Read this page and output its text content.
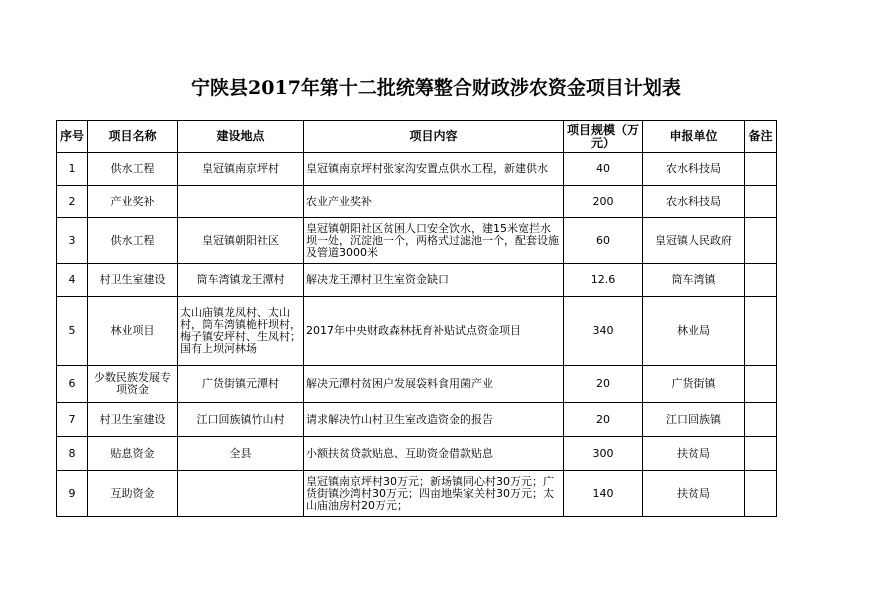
宁陕县2017年第十二批统筹整合财政涉农资金项目计划表
序号	项目名称	建设地点	项目内容	项目规模（万元）	申报单位	备注
1	供水工程	皇冠镇南京坪村	皇冠镇南京坪村张家沟安置点供水工程，新建供水	40	农水科技局	
2	产业奖补		农业产业奖补	200	农水科技局	
3	供水工程	皇冠镇朝阳社区	皇冠镇朝阳社区贫困人口安全饮水，建15米宽拦水坝一处，沉淀池一个，两格式过滤池一个，配套设施及管道3000米	60	皇冠镇人民政府	
4	村卫生室建设	筒车湾镇龙王潭村	解决龙王潭村卫生室资金缺口	12.6	筒车湾镇	
5	林业项目	太山庙镇龙凤村、太山村，筒车湾镇桅杆坝村，梅子镇安坪村、生凤村；国有上坝河林场	2017年中央财政森林抚育补贴试点资金项目	340	林业局	
6	少数民族发展专项资金	广货街镇元潭村	解决元潭村贫困户发展袋料食用菌产业	20	广货街镇	
7	村卫生室建设	江口回族镇竹山村	请求解决竹山村卫生室改造资金的报告	20	江口回族镇	
8	贴息资金	全县	小额扶贫贷款贴息、互助资金借款贴息	300	扶贫局	
9	互助资金		皇冠镇南京坪村30万元；新场镇同心村30万元；广货街镇沙湾村30万元；四亩地柴家关村30万元；太山庙油房村20万元；	140	扶贫局	
